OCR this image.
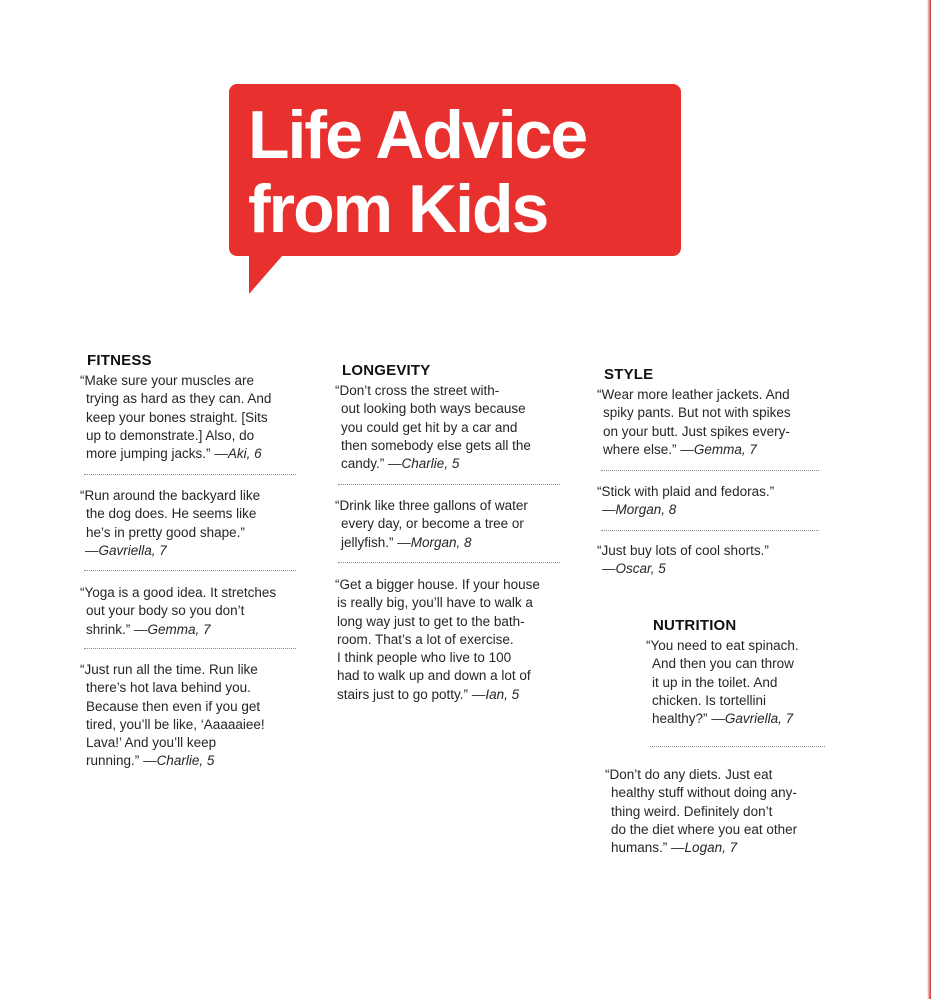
Life Advice
from Kids
FITNESS
“Make sure your muscles are
trying as hard as they can. And
keep your bones straight. [Sits
up to demonstrate.] Also, do
more jumping jacks.” —Aki, 6
“Run around the backyard like
the dog does. He seems like
he’s in pretty good shape.”
—Gavriella, 7
“Yoga is a good idea. It stretches
out your body so you don’t
shrink.” —Gemma, 7
“Just run all the time. Run like
there’s hot lava behind you.
Because then even if you get
tired, you’ll be like, ‘Aaaaaiee!
Lava!’ And you’ll keep
running.” —Charlie, 5
LONGEVITY
“Don’t cross the street with-
out looking both ways because
you could get hit by a car and
then somebody else gets all the
candy.” —Charlie, 5
“Drink like three gallons of water
every day, or become a tree or
jellyfish.” —Morgan, 8
“Get a bigger house. If your house
is really big, you’ll have to walk a
long way just to get to the bath-
room. That’s a lot of exercise.
I think people who live to 100
had to walk up and down a lot of
stairs just to go potty.” —Ian, 5
STYLE
“Wear more leather jackets. And
spiky pants. But not with spikes
on your butt. Just spikes every-
where else.” —Gemma, 7
“Stick with plaid and fedoras.”
—Morgan, 8
“Just buy lots of cool shorts.”
—Oscar, 5
NUTRITION
“You need to eat spinach.
And then you can throw
it up in the toilet. And
chicken. Is tortellini
healthy?” —Gavriella, 7
“Don’t do any diets. Just eat
healthy stuff without doing any-
thing weird. Definitely don’t
do the diet where you eat other
humans.” —Logan, 7
